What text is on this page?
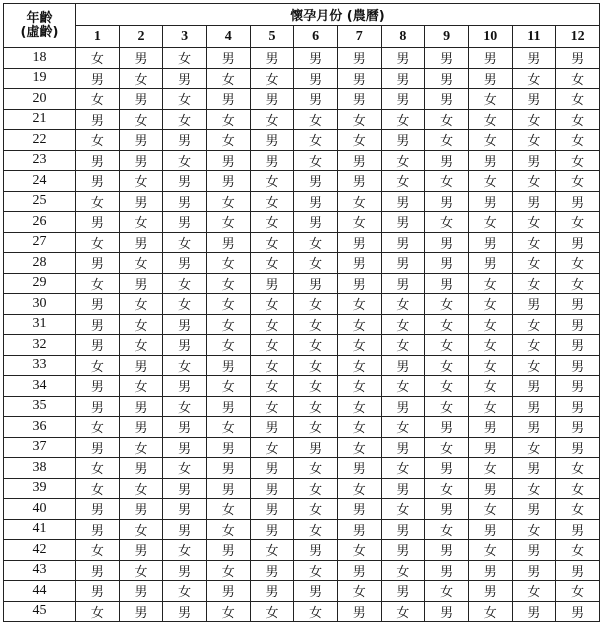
年齡
(虛齡)	懷孕月份 (農曆)											
	1	2	3	4	5	6	7	8	9	10	11	12
18	女	男	女	男	男	男	男	男	男	男	男	男
19	男	女	男	女	女	男	男	男	男	男	女	女
20	女	男	女	男	男	男	男	男	男	女	男	女
21	男	女	女	女	女	女	女	女	女	女	女	女
22	女	男	男	女	男	女	女	男	女	女	女	女
23	男	男	女	男	男	女	男	女	男	男	男	女
24	男	女	男	男	女	男	男	女	女	女	女	女
25	女	男	男	女	女	男	女	男	男	男	男	男
26	男	女	男	女	女	男	女	男	女	女	女	女
27	女	男	女	男	女	女	男	男	男	男	女	男
28	男	女	男	女	女	女	男	男	男	男	女	女
29	女	男	女	女	男	男	男	男	男	女	女	女
30	男	女	女	女	女	女	女	女	女	女	男	男
31	男	女	男	女	女	女	女	女	女	女	女	男
32	男	女	男	女	女	女	女	女	女	女	女	男
33	女	男	女	男	女	女	女	男	女	女	女	男
34	男	女	男	女	女	女	女	女	女	女	男	男
35	男	男	女	男	女	女	女	男	女	女	男	男
36	女	男	男	女	男	女	女	女	男	男	男	男
37	男	女	男	男	女	男	女	男	女	男	女	男
38	女	男	女	男	男	女	男	女	男	女	男	女
39	女	女	男	男	男	女	女	男	女	男	女	女
40	男	男	男	女	男	女	男	女	男	女	男	女
41	男	女	男	女	男	女	男	男	女	男	女	男
42	女	男	女	男	女	男	女	男	男	女	男	女
43	男	女	男	女	男	女	男	女	男	男	男	男
44	男	男	女	男	男	男	女	男	女	男	女	女
45	女	男	男	女	女	女	男	女	男	女	男	男
